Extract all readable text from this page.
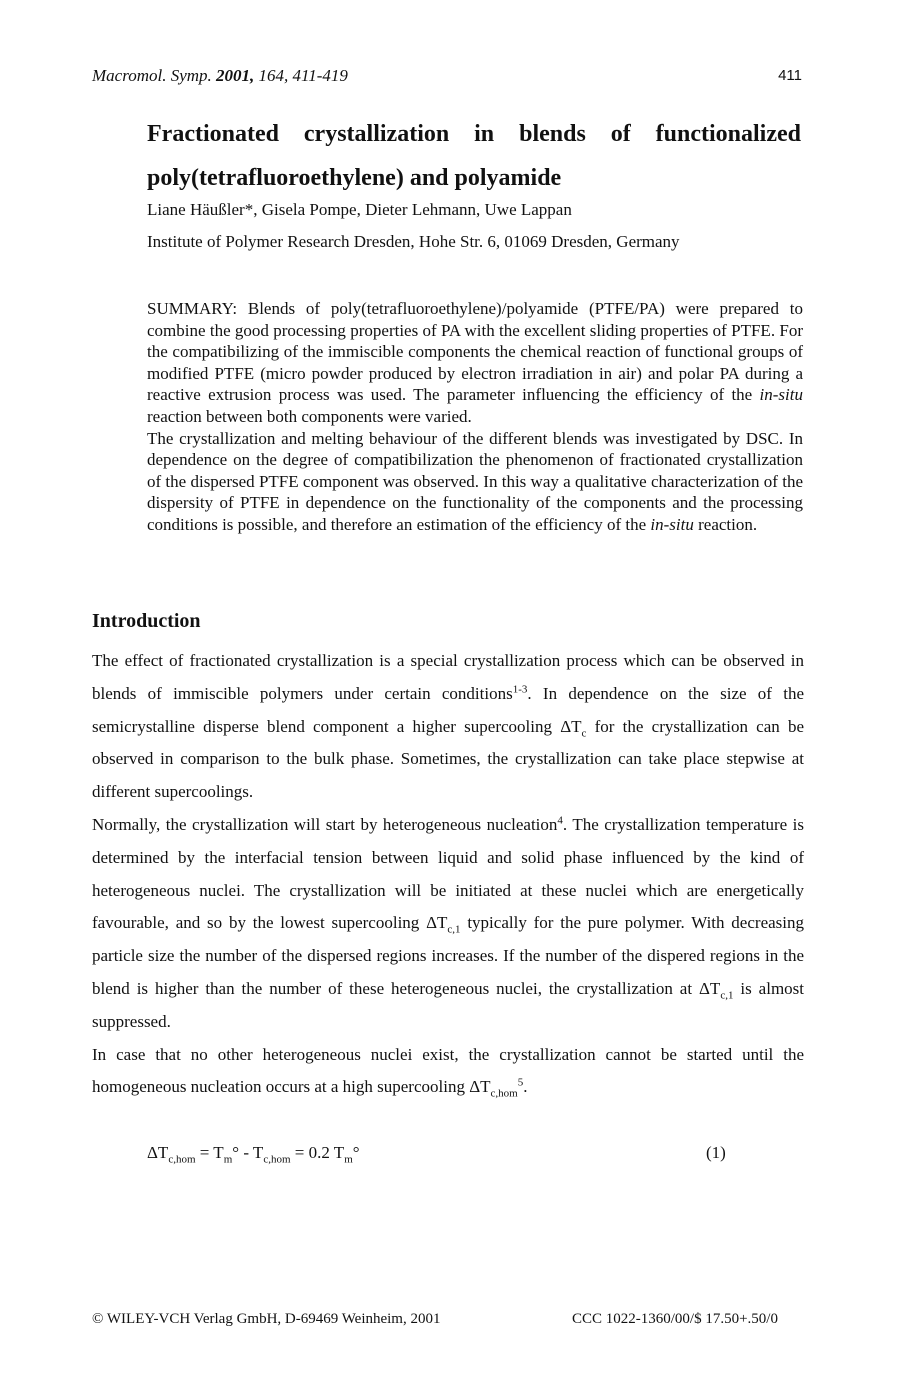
Macromol. Symp. 2001, 164, 411-419	411
Fractionated crystallization in blends of functionalized
poly(tetrafluoroethylene) and polyamide
Liane Häußler*, Gisela Pompe, Dieter Lehmann, Uwe Lappan
Institute of Polymer Research Dresden, Hohe Str. 6, 01069 Dresden, Germany

SUMMARY: Blends of poly(tetrafluoroethylene)/polyamide (PTFE/PA) were prepared to combine the good processing properties of PA with the excellent sliding properties of PTFE. For the compatibilizing of the immiscible components the chemical reaction of functional groups of modified PTFE (micro powder produced by electron irradiation in air) and polar PA during a reactive extrusion process was used. The parameter influencing the efficiency of the in-situ reaction between both components were varied.

The crystallization and melting behaviour of the different blends was investigated by DSC. In dependence on the degree of compatibilization the phenomenon of fractionated crystallization of the dispersed PTFE component was observed. In this way a qualitative characterization of the dispersity of PTFE in dependence on the functionality of the components and the processing conditions is possible, and therefore an estimation of the efficiency of the in-situ reaction.

Introduction

The effect of fractionated crystallization is a special crystallization process which can be observed in blends of immiscible polymers under certain conditions$^{1-3}$. In dependence on the size of the semicrystalline disperse blend component a higher supercooling $\Delta T_c$ for the crystallization can be observed in comparison to the bulk phase. Sometimes, the crystallization can take place stepwise at different supercoolings.

Normally, the crystallization will start by heterogeneous nucleation$^4$. The crystallization temperature is determined by the interfacial tension between liquid and solid phase influenced by the kind of heterogeneous nuclei. The crystallization will be initiated at these nuclei which are energetically favourable, and so by the lowest supercooling $\Delta T_{c,1}$ typically for the pure polymer. With decreasing particle size the number of the dispersed regions increases. If the number of the dispered regions in the blend is higher than the number of these heterogeneous nuclei, the crystallization at $\Delta T_{c,1}$ is almost suppressed.

In case that no other heterogeneous nuclei exist, the crystallization cannot be started until the homogeneous nucleation occurs at a high supercooling $\Delta T_{c,hom}^5$.

$\Delta T_{c,hom} = T_m^\circ - T_{c,hom} = 0.2$ $T_m^\circ$	(1)
© WILEY-VCH Verlag GmbH, D-69469 Weinheim, 2001	CCC 1022-1360/00/$ 17.50+.50/0
